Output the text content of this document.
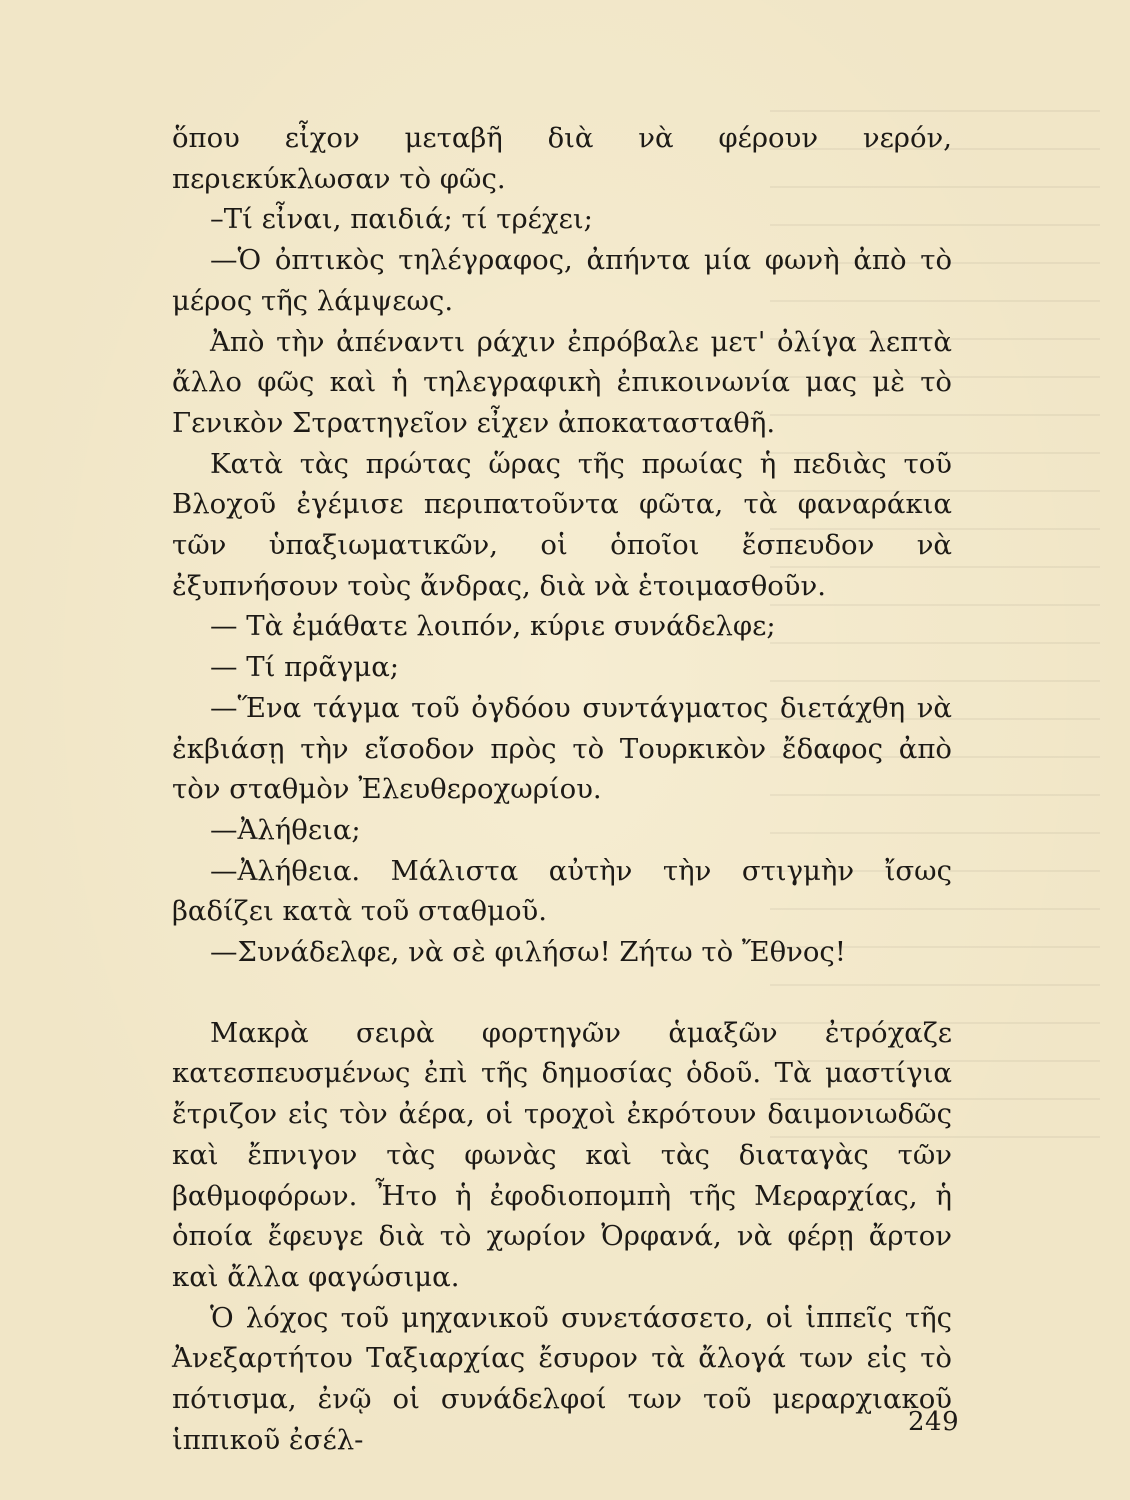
ὅπου εἶχον μεταβῆ διὰ νὰ φέρουν νερόν, περιεκύκλωσαν τὸ φῶς.

–Τί εἶναι, παιδιά; τί τρέχει;

—Ὁ ὀπτικὸς τηλέγραφος, ἀπήντα μία φωνὴ ἀπὸ τὸ μέρος τῆς λάμψεως.

Ἀπὸ τὴν ἀπέναντι ράχιν ἐπρόβαλε μετ' ὀλίγα λεπτὰ ἄλλο φῶς καὶ ἡ τηλεγραφικὴ ἐπικοινωνία μας μὲ τὸ Γενικὸν Στρατηγεῖον εἶχεν ἀποκατασταθῆ.

Κατὰ τὰς πρώτας ὥρας τῆς πρωίας ἡ πεδιὰς τοῦ Βλοχοῦ ἐγέμισε περιπατοῦντα φῶτα, τὰ φαναράκια τῶν ὑπαξιωματικῶν, οἱ ὁποῖοι ἔσπευδον νὰ ἐξυπνήσουν τοὺς ἄνδρας, διὰ νὰ ἑτοιμασθοῦν.

— Τὰ ἐμάθατε λοιπόν, κύριε συνάδελφε;

— Τί πρᾶγμα;

—Ἕνα τάγμα τοῦ ὀγδόου συντάγματος διετάχθη νὰ ἐκβιάσῃ τὴν εἴσοδον πρὸς τὸ Τουρκικὸν ἔδαφος ἀπὸ τὸν σταθμὸν Ἐλευθεροχωρίου.

—Ἀλήθεια;

—Ἀλήθεια. Μάλιστα αὐτὴν τὴν στιγμὴν ἴσως βαδίζει κατὰ τοῦ σταθμοῦ.

—Συνάδελφε, νὰ σὲ φιλήσω! Ζήτω τὸ Ἔθνος!

Μακρὰ σειρὰ φορτηγῶν ἁμαξῶν ἐτρόχαζε κατεσπευσμένως ἐπὶ τῆς δημοσίας ὁδοῦ. Τὰ μαστίγια ἔτριζον εἰς τὸν ἀέρα, οἱ τροχοὶ ἐκρότουν δαιμονιωδῶς καὶ ἔπνιγον τὰς φωνὰς καὶ τὰς διαταγὰς τῶν βαθμοφόρων. Ἦτο ἡ ἐφοδιοπομπὴ τῆς Μεραρχίας, ἡ ὁποία ἔφευγε διὰ τὸ χωρίον Ὀρφανά, νὰ φέρῃ ἄρτον καὶ ἄλλα φαγώσιμα.

Ὁ λόχος τοῦ μηχανικοῦ συνετάσσετο, οἱ ἱππεῖς τῆς Ἀνεξαρτήτου Ταξιαρχίας ἔσυρον τὰ ἄλογά των εἰς τὸ πότισμα, ἐνῷ οἱ συνάδελφοί των τοῦ μεραρχιακοῦ ἱππικοῦ ἐσέλ-

249
